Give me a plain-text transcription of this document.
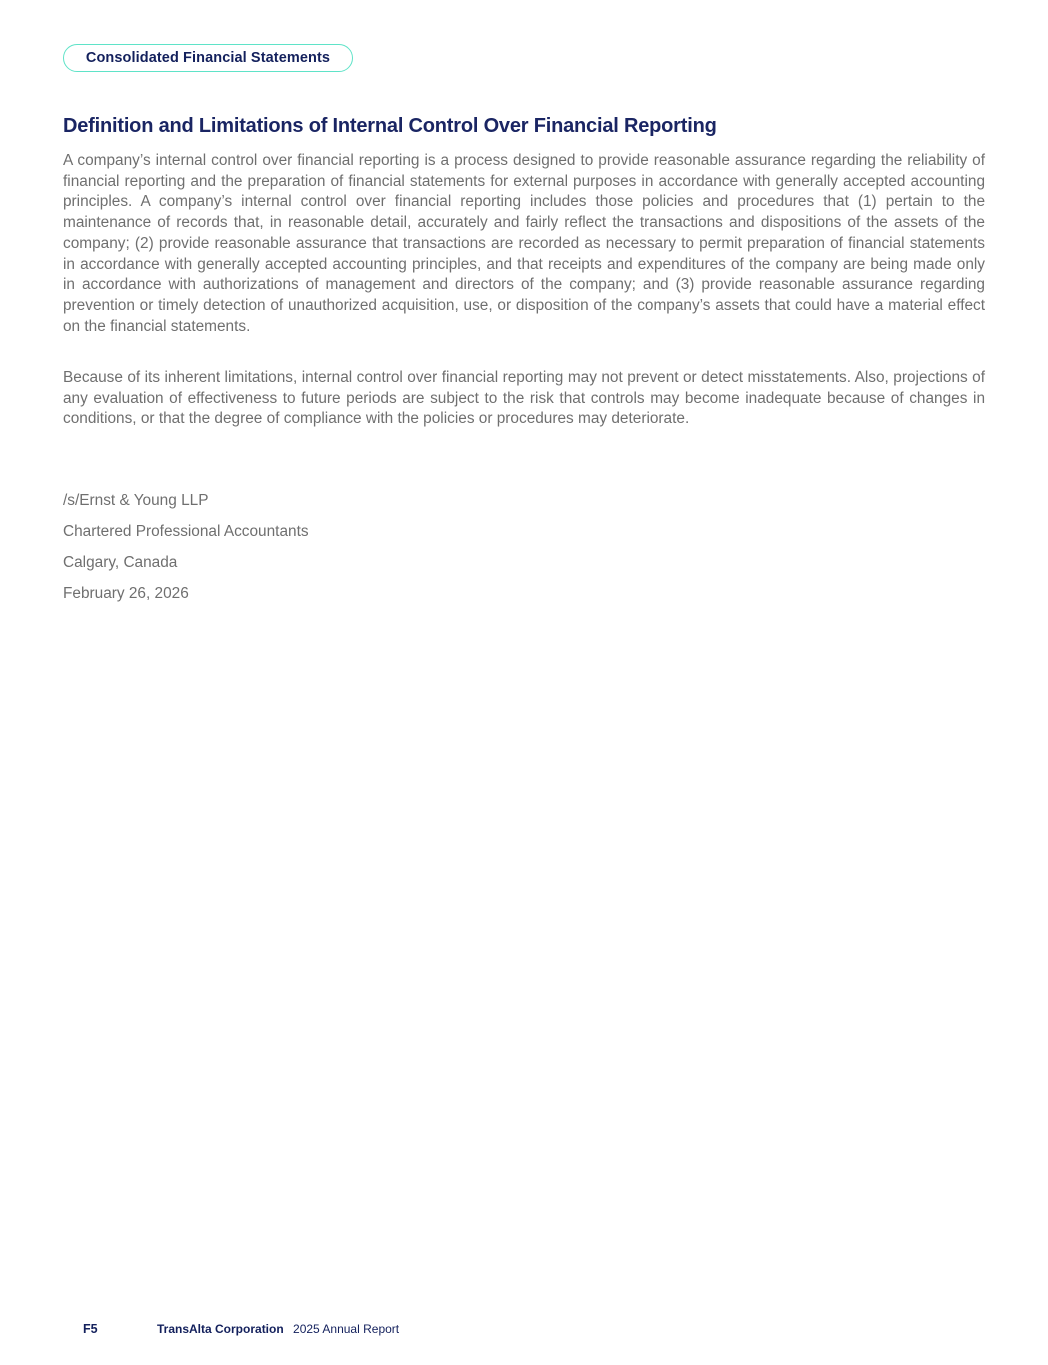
Consolidated Financial Statements
Definition and Limitations of Internal Control Over Financial Reporting

A company’s internal control over financial reporting is a process designed to provide reasonable assurance regarding the reliability of financial reporting and the preparation of financial statements for external purposes in accordance with generally accepted accounting principles. A company’s internal control over financial reporting includes those policies and procedures that (1) pertain to the maintenance of records that, in reasonable detail, accurately and fairly reflect the transactions and dispositions of the assets of the company; (2) provide reasonable assurance that transactions are recorded as necessary to permit preparation of financial statements in accordance with generally accepted accounting principles, and that receipts and expenditures of the company are being made only in accordance with authorizations of management and directors of the company; and (3) provide reasonable assurance regarding prevention or timely detection of unauthorized acquisition, use, or disposition of the company’s assets that could have a material effect on the financial statements.

Because of its inherent limitations, internal control over financial reporting may not prevent or detect misstatements. Also, projections of any evaluation of effectiveness to future periods are subject to the risk that controls may become inadequate because of changes in conditions, or that the degree of compliance with the policies or procedures may deteriorate.

/s/Ernst & Young LLP

Chartered Professional Accountants

Calgary, Canada

February 26, 2026

F5	TransAlta Corporation 2025 Annual Report
